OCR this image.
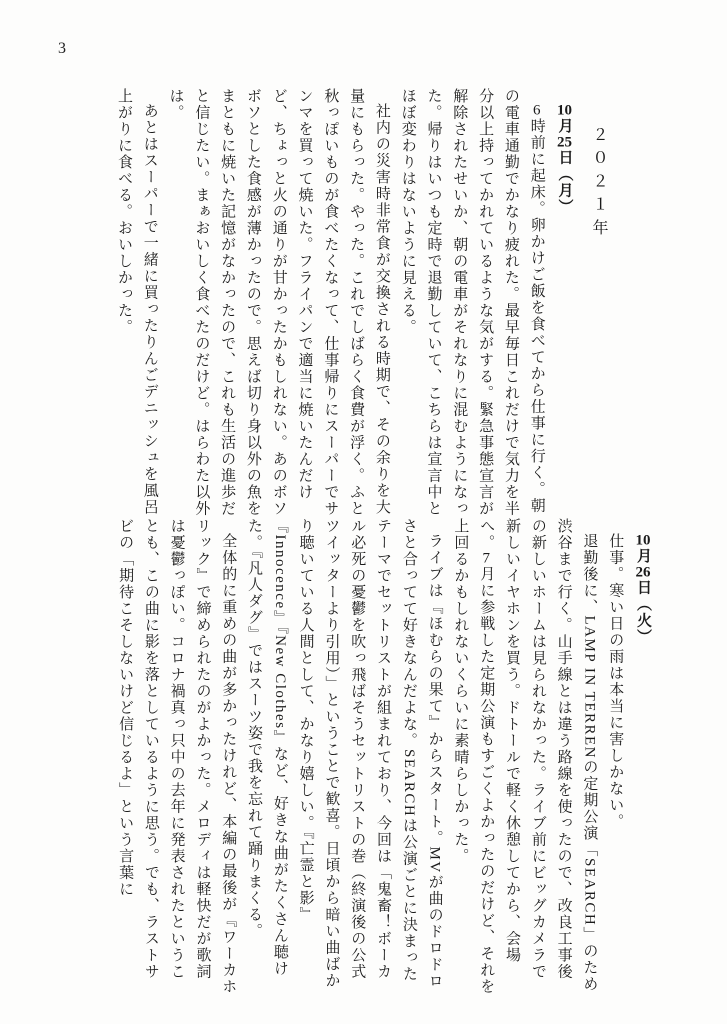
3
２０２１年
10月25日（月）

6時前に起床。卵かけご飯を食べてから仕事に行く。朝の電車通勤でかなり疲れた。最早毎日これだけで気力を半分以上持ってかれているような気がする。緊急事態宣言が解除されたせいか、朝の電車がそれなりに混むようになった。帰りはいつも定時で退勤していて、こちらは宣言中とほぼ変わりはないように見える。

社内の災害時非常食が交換される時期で、その余りを大量にもらった。やった。これでしばらく食費が浮く。ふと秋っぽいものが食べたくなって、仕事帰りにスーパーでサンマを買って焼いた。フライパンで適当に焼いたんだけど、ちょっと火の通りが甘かったかもしれない。あのボソボソとした食感が薄かったので。思えば切り身以外の魚をまともに焼いた記憶がなかったので、これも生活の進歩だと信じたい。まぁおいしく食べたのだけど。はらわた以外は。

あとはスーパーで一緒に買ったりんごデニッシュを風呂上がりに食べる。おいしかった。

10月26日（火）

仕事。寒い日の雨は本当に害しかない。

退勤後に、LAMP IN TERRENの定期公演「SEARCH」のため渋谷まで行く。山手線とは違う路線を使ったので、改良工事後の新しいホームは見られなかった。ライブ前にビッグカメラで新しいイヤホンを買う。ドトールで軽く休憩してから、会場へ。7月に参戦した定期公演もすごくよかったのだけど、それを上回るかもしれないくらいに素晴らしかった。

ライブは『ほむらの果て』からスタート。MVが曲のドロドロさと合ってて好きなんだよな。SEARCHは公演ごとに決まったテーマでセットリストが組まれており、今回は「鬼畜！ボーカル必死の憂鬱を吹っ飛ばそうセットリストの巻（終演後の公式ツイッターより引用）」ということで歓喜。日頃から暗い曲ばかり聴いている人間として、かなり嬉しい。『亡霊と影』『Innocence』『New Clothes』など、好きな曲がたくさん聴けた。『凡人ダグ』ではスーツ姿で我を忘れて踊りまくる。

全体的に重めの曲が多かったけれど、本編の最後が『ワーカホリック』で締められたのがよかった。メロディは軽快だが歌詞は憂鬱っぽい。コロナ禍真っ只中の去年に発表されたということも、この曲に影を落としているように思う。でも、ラストサビの「期待こそしないけど信じるよ」という言葉に
